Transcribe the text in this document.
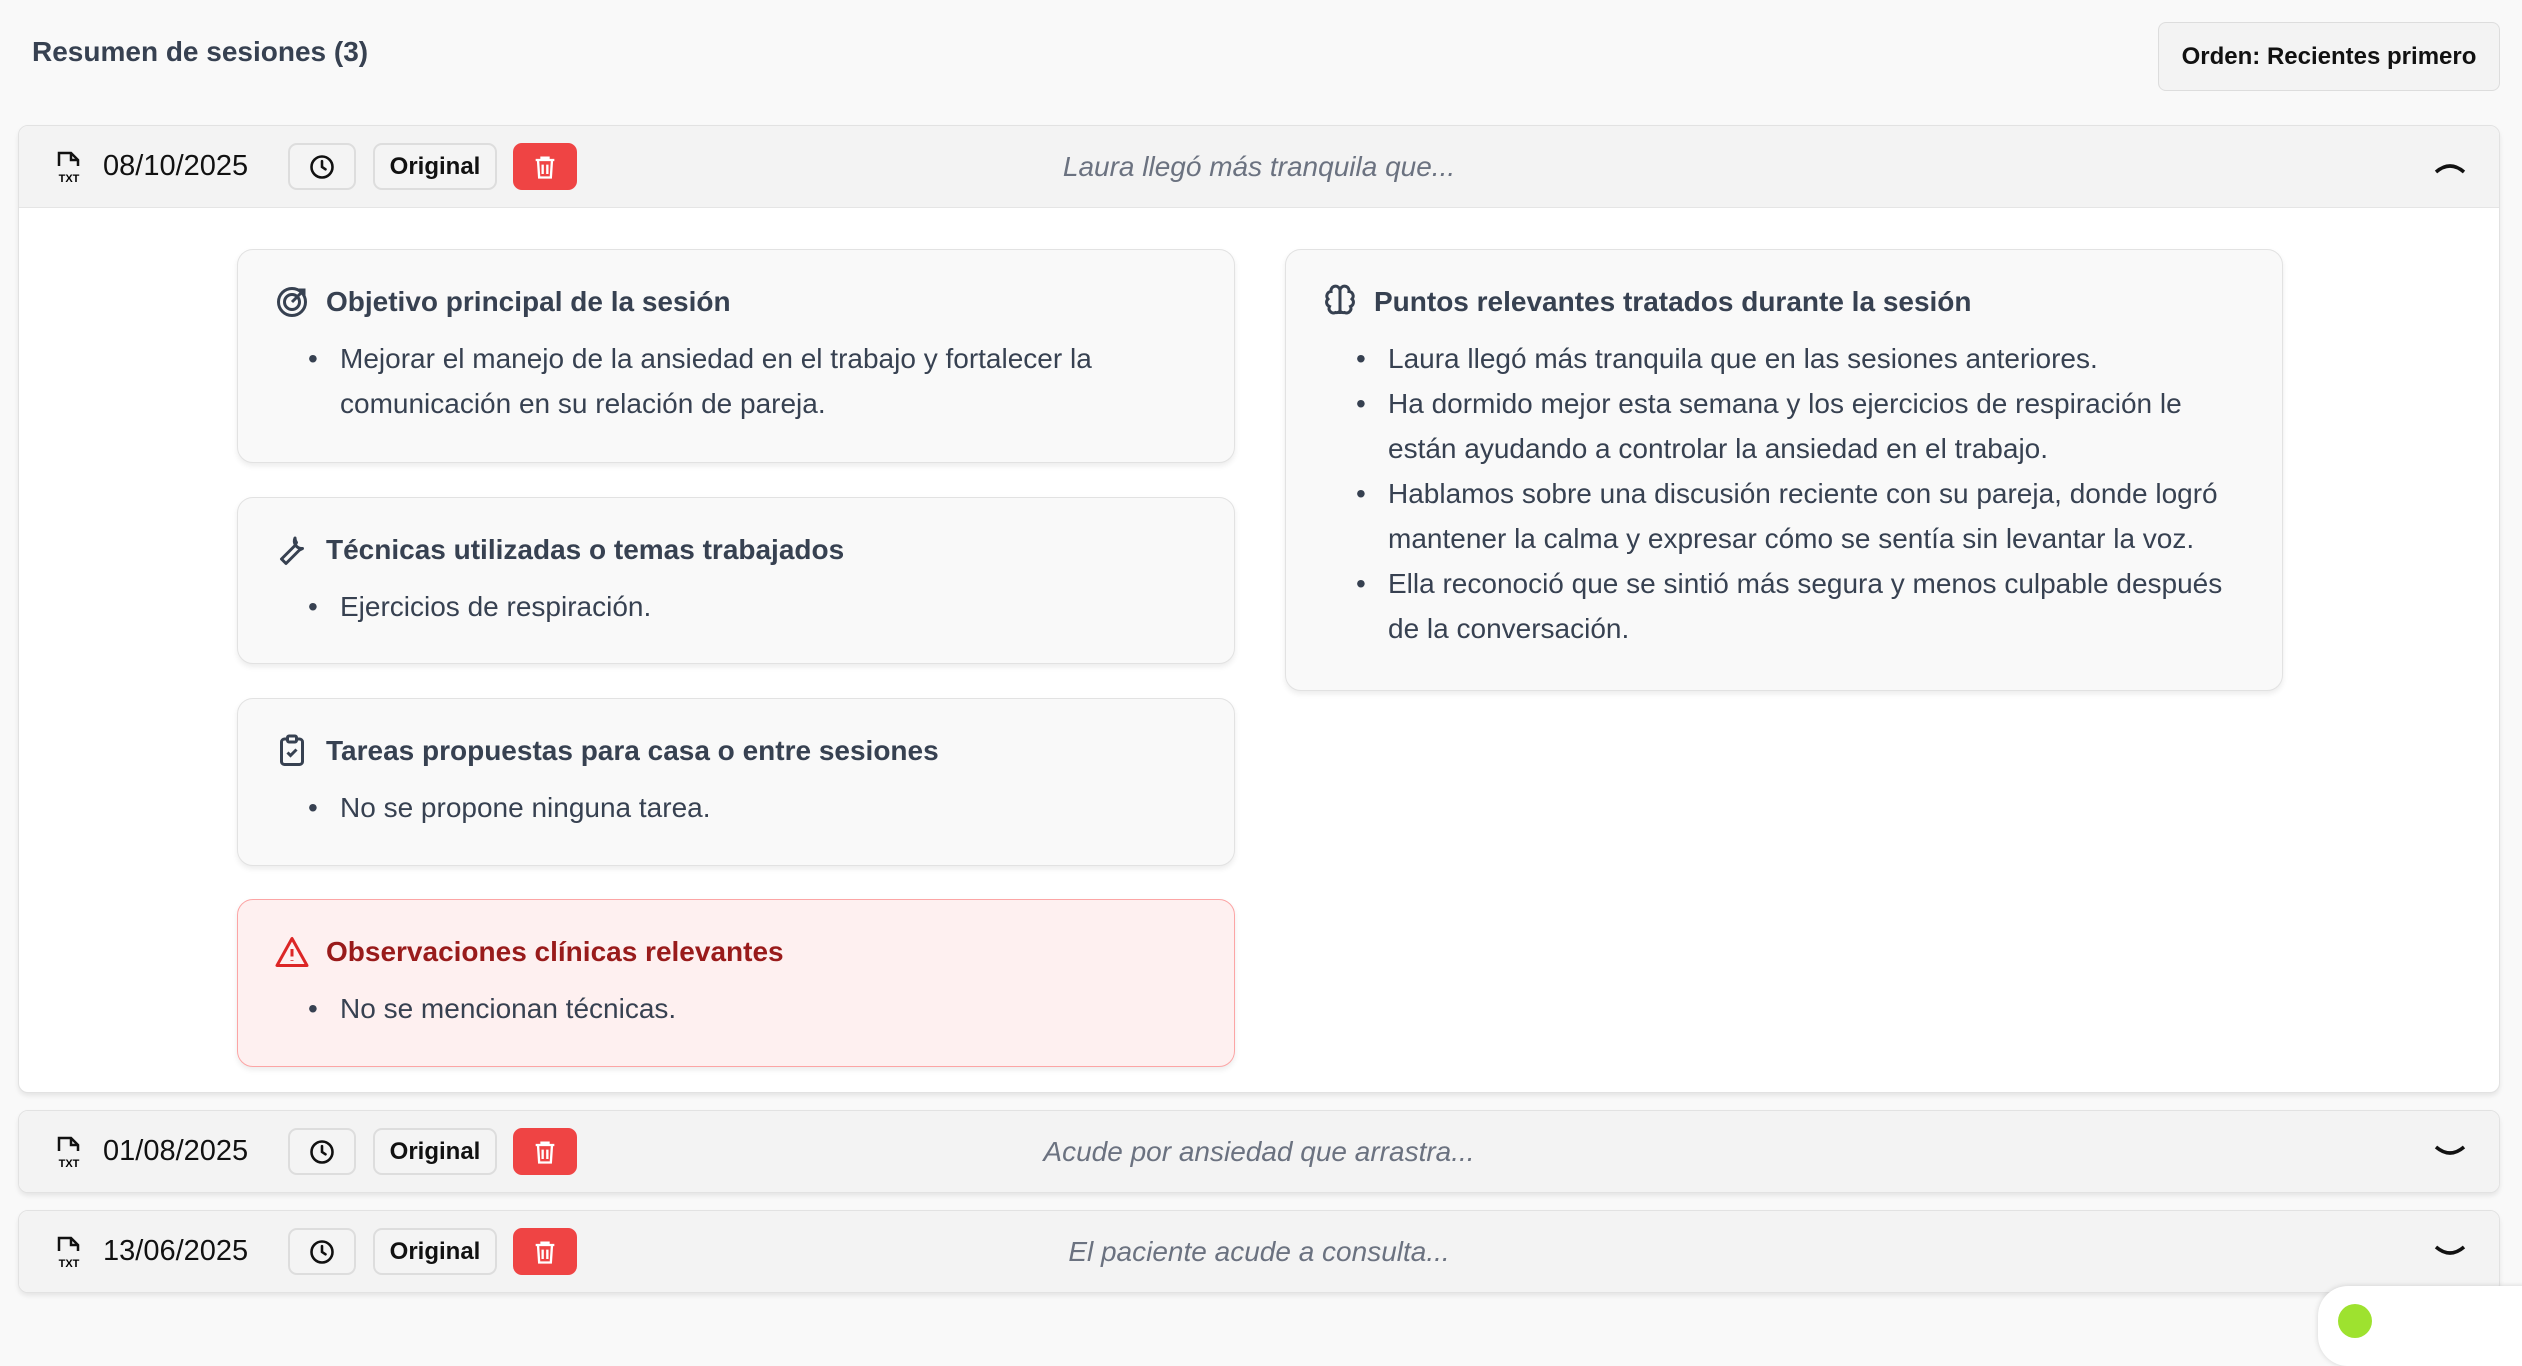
Resumen de sesiones (3)	Orden: Recientes primero
TXT 08/10/2025	Original	Laura llegó más tranquila que...
Objetivo principal de la sesión
• Mejorar el manejo de la ansiedad en el trabajo y fortalecer la comunicación en su relación de pareja.
Técnicas utilizadas o temas trabajados
• Ejercicios de respiración.
Tareas propuestas para casa o entre sesiones
• No se propone ninguna tarea.
Observaciones clínicas relevantes
• No se mencionan técnicas.
Puntos relevantes tratados durante la sesión
• Laura llegó más tranquila que en las sesiones anteriores.
• Ha dormido mejor esta semana y los ejercicios de respiración le están ayudando a controlar la ansiedad en el trabajo.
• Hablamos sobre una discusión reciente con su pareja, donde logró mantener la calma y expresar cómo se sentía sin levantar la voz.
• Ella reconoció que se sintió más segura y menos culpable después de la conversación.
TXT 01/08/2025	Original	Acude por ansiedad que arrastra...
TXT 13/06/2025	Original	El paciente acude a consulta...
